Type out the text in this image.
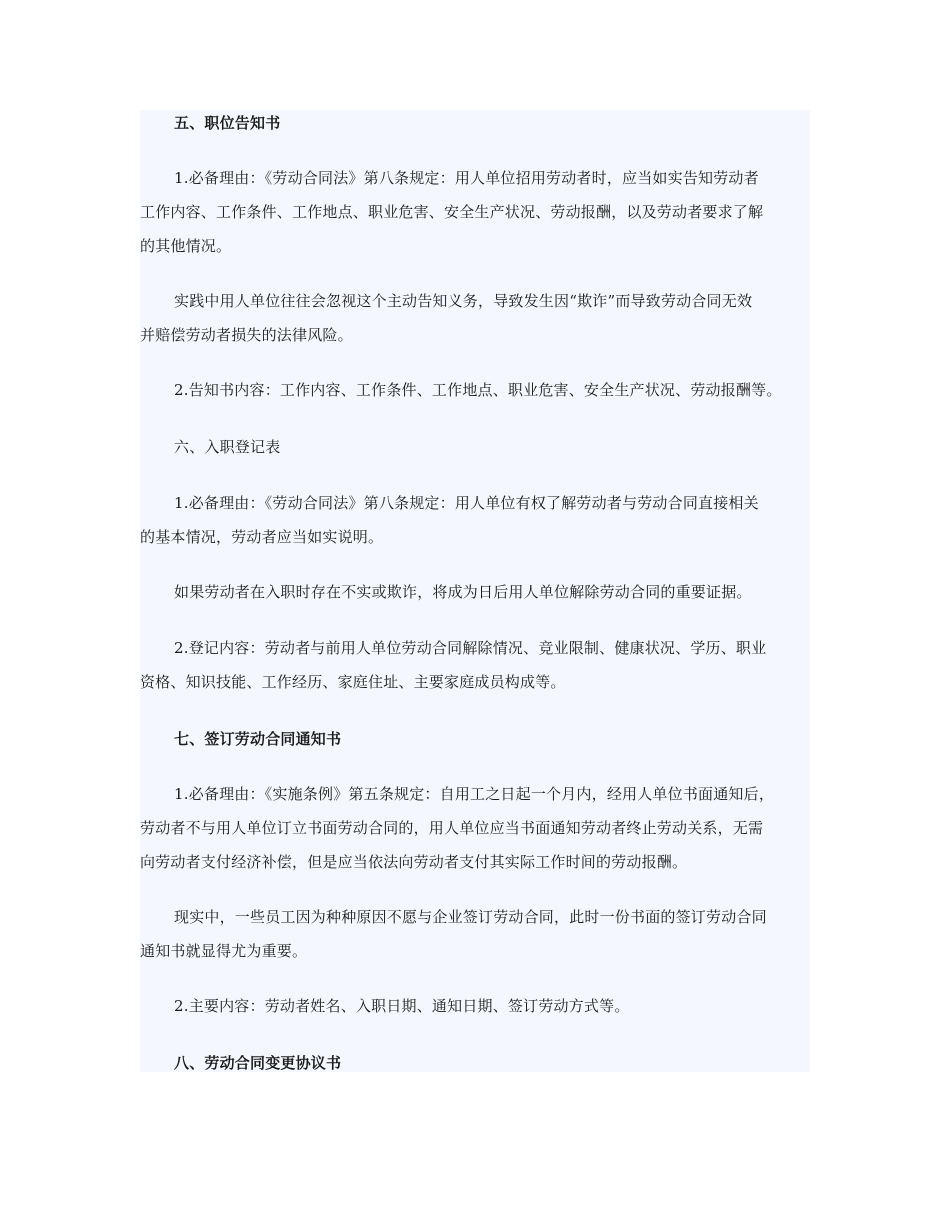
五、职位告知书
1.必备理由：《劳动合同法》第八条规定：用人单位招用劳动者时，应当如实告知劳动者
工作内容、工作条件、工作地点、职业危害、安全生产状况、劳动报酬，以及劳动者要求了解
的其他情况。
实践中用人单位往往会忽视这个主动告知义务，导致发生因“欺诈”而导致劳动合同无效
并赔偿劳动者损失的法律风险。
2.告知书内容：工作内容、工作条件、工作地点、职业危害、安全生产状况、劳动报酬等。
六、入职登记表
1.必备理由：《劳动合同法》第八条规定：用人单位有权了解劳动者与劳动合同直接相关
的基本情况，劳动者应当如实说明。
如果劳动者在入职时存在不实或欺诈，将成为日后用人单位解除劳动合同的重要证据。
2.登记内容：劳动者与前用人单位劳动合同解除情况、竞业限制、健康状况、学历、职业
资格、知识技能、工作经历、家庭住址、主要家庭成员构成等。
七、签订劳动合同通知书
1.必备理由：《实施条例》第五条规定：自用工之日起一个月内，经用人单位书面通知后，
劳动者不与用人单位订立书面劳动合同的，用人单位应当书面通知劳动者终止劳动关系，无需
向劳动者支付经济补偿，但是应当依法向劳动者支付其实际工作时间的劳动报酬。
现实中，一些员工因为种种原因不愿与企业签订劳动合同，此时一份书面的签订劳动合同
通知书就显得尤为重要。
2.主要内容：劳动者姓名、入职日期、通知日期、签订劳动方式等。
八、劳动合同变更协议书
